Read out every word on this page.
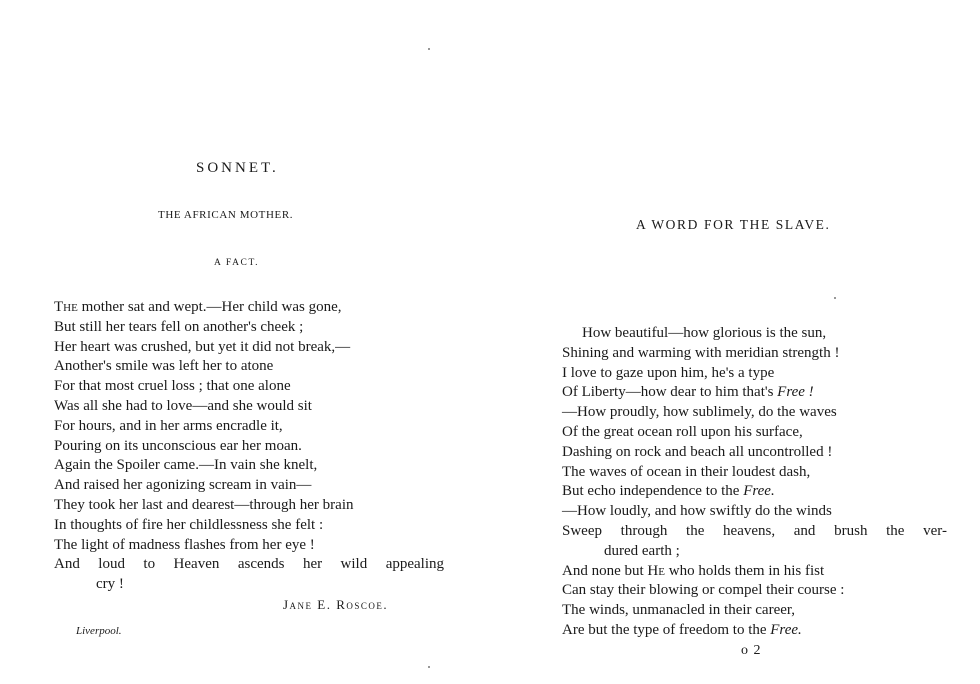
SONNET.
THE AFRICAN MOTHER.
A FACT.
The mother sat and wept.—Her child was gone,
But still her tears fell on another's cheek ;
Her heart was crushed, but yet it did not break,—
Another's smile was left her to atone
For that most cruel loss ; that one alone
Was all she had to love—and she would sit
For hours, and in her arms encradle it,
Pouring on its unconscious ear her moan.
Again the Spoiler came.—In vain she knelt,
And raised her agonizing scream in vain—
They took her last and dearest—through her brain
In thoughts of fire her childlessness she felt :
The light of madness flashes from her eye !
And loud to Heaven ascends her wild appealing
cry !
Jane E. Roscoe.
Liverpool.
A WORD FOR THE SLAVE.
How beautiful—how glorious is the sun,
Shining and warming with meridian strength !
I love to gaze upon him, he's a type
Of Liberty—how dear to him that's Free !
—How proudly, how sublimely, do the waves
Of the great ocean roll upon his surface,
Dashing on rock and beach all uncontrolled !
The waves of ocean in their loudest dash,
But echo independence to the Free.
—How loudly, and how swiftly do the winds
Sweep through the heavens, and brush the ver-
dured earth ;
And none but He who holds them in his fist
Can stay their blowing or compel their course :
The winds, unmanacled in their career,
Are but the type of freedom to the Free.
o 2
